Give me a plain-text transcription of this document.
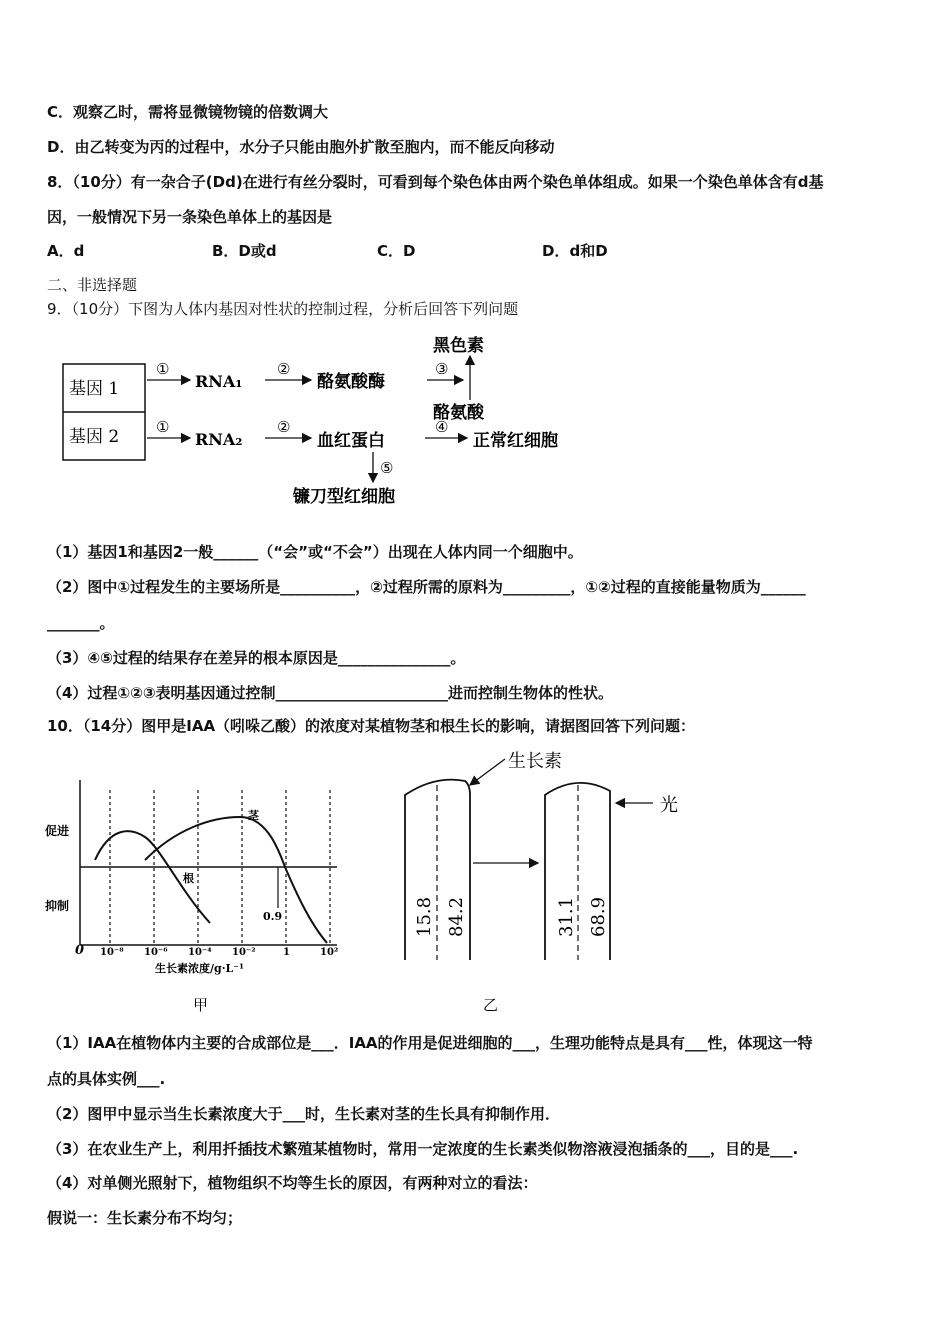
C．观察乙时，需将显微镜物镜的倍数调大
D．由乙转变为丙的过程中，水分子只能由胞外扩散至胞内，而不能反向移动
8．（10分）有一杂合子(Dd)在进行有丝分裂时，可看到每个染色体由两个染色单体组成。如果一个染色单体含有d基
因，一般情况下另一条染色单体上的基因是
A．d	B．D或d	C．D	D．d和D
二、非选择题
9．（10分）下图为人体内基因对性状的控制过程，分析后回答下列问题
基因 1
基因 2
①
RNA₁
②
酪氨酸酶
③
黑色素
酪氨酸
①
RNA₂
②
血红蛋白
④
正常红细胞
⑤
镰刀型红细胞
（1）基因1和基因2一般______（“会”或“不会”）出现在人体内同一个细胞中。
（2）图中①过程发生的主要场所是__________，②过程所需的原料为_________，①②过程的直接能量物质为______
_______。
（3）④⑤过程的结果存在差异的根本原因是_______________。
（4）过程①②③表明基因通过控制_______________________进而控制生物体的性状。
10．（14分）图甲是IAA（吲哚乙酸）的浓度对某植物茎和根生长的影响，请据图回答下列问题：
0.9
促进
抑制
茎
根
0 10⁻⁸ 10⁻⁶ 10⁻⁴ 10⁻²	1	10²
生长素浓度/g·L⁻¹
甲
15.8 84.2
生长素
31.1 68.9
光
乙
（1）IAA在植物体内主要的合成部位是___．IAA的作用是促进细胞的___，生理功能特点是具有___性，体现这一特
点的具体实例___.
（2）图甲中显示当生长素浓度大于___时，生长素对茎的生长具有抑制作用．
（3）在农业生产上，利用扦插技术繁殖某植物时，常用一定浓度的生长素类似物溶液浸泡插条的___，目的是___.
（4）对单侧光照射下，植物组织不均等生长的原因，有两种对立的看法：
假说一：生长素分布不均匀；
